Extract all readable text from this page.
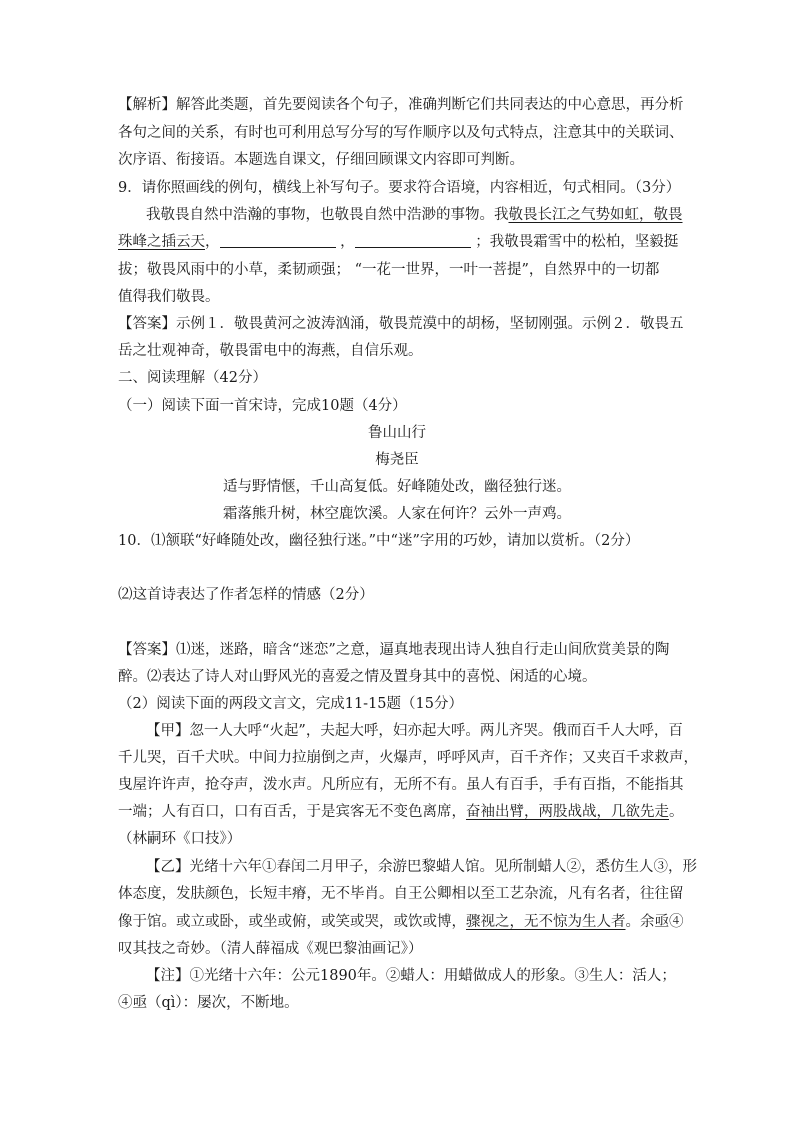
【解析】解答此类题，首先要阅读各个句子，准确判断它们共同表达的中心意思，再分析
各句之间的关系，有时也可利用总写分写的写作顺序以及句式特点，注意其中的关联词、
次序语、衔接语。本题选自课文，仔细回顾课文内容即可判断。
9．请你照画线的例句，横线上补写句子。要求符合语境，内容相近，句式相同。（3分）
我敬畏自然中浩瀚的事物，也敬畏自然中浩渺的事物。我敬畏长江之气势如虹，敬畏
珠峰之插云天，	，	；我敬畏霜雪中的松柏，坚毅挺
拔；敬畏风雨中的小草，柔韧顽强； “一花一世界，一叶一菩提”，自然界中的一切都
值得我们敬畏。
【答案】示例１．敬畏黄河之波涛汹涌，敬畏荒漠中的胡杨，坚韧刚强。示例２．敬畏五
岳之壮观神奇，敬畏雷电中的海燕，自信乐观。
二、阅读理解（42分）
（一）阅读下面一首宋诗，完成10题（4分）
鲁山山行
梅尧臣
适与野情惬，千山高复低。好峰随处改，幽径独行迷。
霜落熊升树，林空鹿饮溪。人家在何许？云外一声鸡。
10．⑴颔联“好峰随处改，幽径独行迷。”中“迷”字用的巧妙，请加以赏析。（2分）
⑵这首诗表达了作者怎样的情感（2分）
【答案】⑴迷，迷路，暗含“迷恋”之意，逼真地表现出诗人独自行走山间欣赏美景的陶
醉。⑵表达了诗人对山野风光的喜爱之情及置身其中的喜悦、闲适的心境。
（2）阅读下面的两段文言文，完成11-15题（15分）
【甲】忽一人大呼“火起”，夫起大呼，妇亦起大呼。两儿齐哭。俄而百千人大呼，百
千儿哭，百千犬吠。中间力拉崩倒之声，火爆声，呼呼风声，百千齐作；又夹百千求救声，
曳屋许许声，抢夺声，泼水声。凡所应有，无所不有。虽人有百手，手有百指，不能指其
一端；人有百口，口有百舌，于是宾客无不变色离席，奋袖出臂，两股战战，几欲先走。
（林嗣环《口技》）
【乙】光绪十六年①春闰二月甲子，余游巴黎蜡人馆。见所制蜡人②，悉仿生人③，形
体态度，发肤颜色，长短丰瘠，无不毕肖。自王公卿相以至工艺杂流，凡有名者，往往留
像于馆。或立或卧，或坐或俯，或笑或哭，或饮或博，骤视之，无不惊为生人者。余亟④
叹其技之奇妙。（清人薛福成《观巴黎油画记》）
【注】①光绪十六年：公元1890年。②蜡人：用蜡做成人的形象。③生人：活人；
④亟（qì）：屡次，不断地。
